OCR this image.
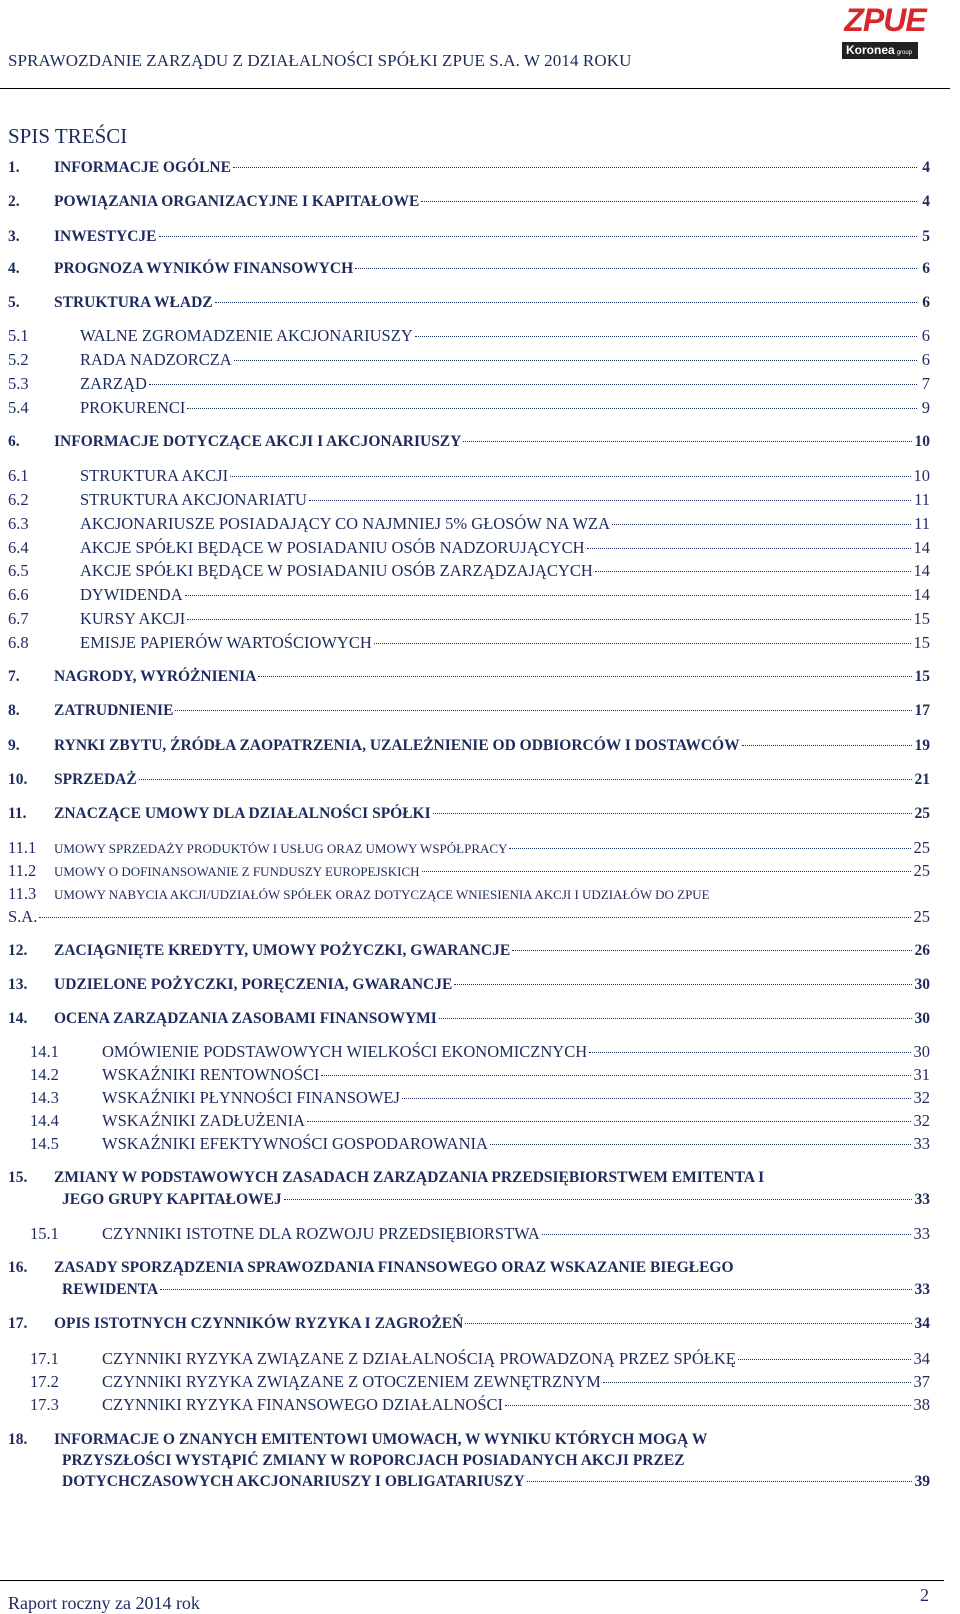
SPRAWOZDANIE ZARZĄDU Z DZIAŁALNOŚCI SPÓŁKI ZPUE S.A. W 2014 ROKU
ZPUE
Koronea group
SPIS TREŚCI
1.	INFORMACJE OGÓLNE	4
2.	POWIĄZANIA ORGANIZACYJNE I KAPITAŁOWE	4
3.	INWESTYCJE	5
4.	PROGNOZA WYNIKÓW FINANSOWYCH	6
5.	STRUKTURA WŁADZ	6
5.1	WALNE ZGROMADZENIE AKCJONARIUSZY	6
5.2	RADA NADZORCZA	6
5.3	ZARZĄD	7
5.4	PROKURENCI	9
6.	INFORMACJE DOTYCZĄCE AKCJI I AKCJONARIUSZY	10
6.1	STRUKTURA AKCJI	10
6.2	STRUKTURA AKCJONARIATU	11
6.3	AKCJONARIUSZE POSIADAJĄCY CO NAJMNIEJ 5% GŁOSÓW NA WZA	11
6.4	AKCJE SPÓŁKI BĘDĄCE W POSIADANIU OSÓB NADZORUJĄCYCH	14
6.5	AKCJE SPÓŁKI BĘDĄCE W POSIADANIU OSÓB ZARZĄDZAJĄCYCH	14
6.6	DYWIDENDA	14
6.7	KURSY AKCJI	15
6.8	EMISJE PAPIERÓW WARTOŚCIOWYCH	15
7.	NAGRODY, WYRÓŻNIENIA	15
8.	ZATRUDNIENIE	17
9.	RYNKI ZBYTU, ŹRÓDŁA ZAOPATRZENIA, UZALEŻNIENIE OD ODBIORCÓW I DOSTAWCÓW	19
10.	SPRZEDAŻ	21
11.	ZNACZĄCE UMOWY DLA DZIAŁALNOŚCI SPÓŁKI	25
11.1	UMOWY SPRZEDAŻY PRODUKTÓW I USŁUG ORAZ UMOWY WSPÓŁPRACY	25
11.2	UMOWY O DOFINANSOWANIE Z FUNDUSZY EUROPEJSKICH	25
11.3	UMOWY NABYCIA AKCJI/UDZIAŁÓW SPÓŁEK ORAZ DOTYCZĄCE WNIESIENIA AKCJI I UDZIAŁÓW DO ZPUE
S.A.	25
12.	ZACIĄGNIĘTE KREDYTY, UMOWY POŻYCZKI, GWARANCJE	26
13.	UDZIELONE POŻYCZKI, PORĘCZENIA, GWARANCJE	30
14.	OCENA ZARZĄDZANIA ZASOBAMI FINANSOWYMI	30
14.1	OMÓWIENIE PODSTAWOWYCH WIELKOŚCI EKONOMICZNYCH	30
14.2	WSKAŹNIKI RENTOWNOŚCI	31
14.3	WSKAŹNIKI PŁYNNOŚCI FINANSOWEJ	32
14.4	WSKAŹNIKI ZADŁUŻENIA	32
14.5	WSKAŹNIKI EFEKTYWNOŚCI GOSPODAROWANIA	33
15.	ZMIANY W PODSTAWOWYCH ZASADACH ZARZĄDZANIA PRZEDSIĘBIORSTWEM EMITENTA I
JEGO GRUPY KAPITAŁOWEJ	33
15.1	CZYNNIKI ISTOTNE DLA ROZWOJU PRZEDSIĘBIORSTWA	33
16.	ZASADY SPORZĄDZENIA SPRAWOZDANIA FINANSOWEGO ORAZ WSKAZANIE BIEGŁEGO
REWIDENTA	33
17.	OPIS ISTOTNYCH CZYNNIKÓW RYZYKA I ZAGROŻEŃ	34
17.1	CZYNNIKI RYZYKA ZWIĄZANE Z DZIAŁALNOŚCIĄ PROWADZONĄ PRZEZ SPÓŁKĘ	34
17.2	CZYNNIKI RYZYKA ZWIĄZANE Z OTOCZENIEM ZEWNĘTRZNYM	37
17.3	CZYNNIKI RYZYKA FINANSOWEGO DZIAŁALNOŚCI	38
18.	INFORMACJE O ZNANYCH EMITENTOWI UMOWACH, W WYNIKU KTÓRYCH MOGĄ W
PRZYSZŁOŚCI WYSTĄPIĆ ZMIANY W ROPORCJACH POSIADANYCH AKCJI PRZEZ
DOTYCHCZASOWYCH AKCJONARIUSZY I OBLIGATARIUSZY	39
Raport roczny za 2014 rok	2
